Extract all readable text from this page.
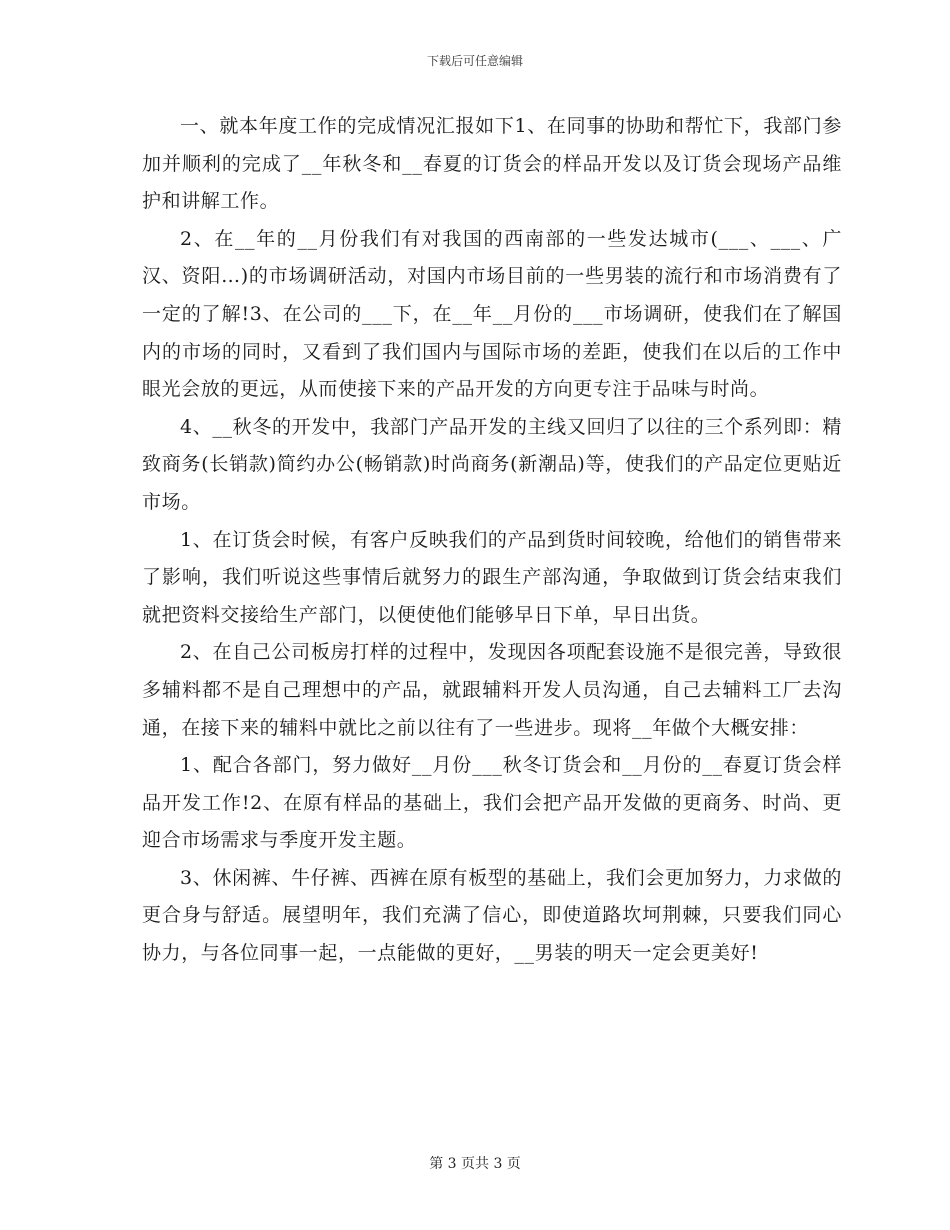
下载后可任意编辑

一、就本年度工作的完成情况汇报如下1、在同事的协助和帮忙下，我部门参加并顺利的完成了__年秋冬和__春夏的订货会的样品开发以及订货会现场产品维护和讲解工作。

2、在__年的__月份我们有对我国的西南部的一些发达城市(___、___、广汉、资阳…)的市场调研活动，对国内市场目前的一些男装的流行和市场消费有了一定的了解!3、在公司的___下，在__年__月份的___市场调研，使我们在了解国内的市场的同时，又看到了我们国内与国际市场的差距，使我们在以后的工作中眼光会放的更远，从而使接下来的产品开发的方向更专注于品味与时尚。

4、__秋冬的开发中，我部门产品开发的主线又回归了以往的三个系列即：精致商务(长销款)简约办公(畅销款)时尚商务(新潮品)等，使我们的产品定位更贴近市场。

1、在订货会时候，有客户反映我们的产品到货时间较晚，给他们的销售带来了影响，我们听说这些事情后就努力的跟生产部沟通，争取做到订货会结束我们就把资料交接给生产部门，以便使他们能够早日下单，早日出货。

2、在自己公司板房打样的过程中，发现因各项配套设施不是很完善，导致很多辅料都不是自己理想中的产品，就跟辅料开发人员沟通，自己去辅料工厂去沟通，在接下来的辅料中就比之前以往有了一些进步。现将__年做个大概安排：

1、配合各部门，努力做好__月份___秋冬订货会和__月份的__春夏订货会样品开发工作!2、在原有样品的基础上，我们会把产品开发做的更商务、时尚、更迎合市场需求与季度开发主题。

3、休闲裤、牛仔裤、西裤在原有板型的基础上，我们会更加努力，力求做的更合身与舒适。展望明年，我们充满了信心，即使道路坎坷荆棘，只要我们同心协力，与各位同事一起，一点能做的更好，__男装的明天一定会更美好!

第 3 页共 3 页
